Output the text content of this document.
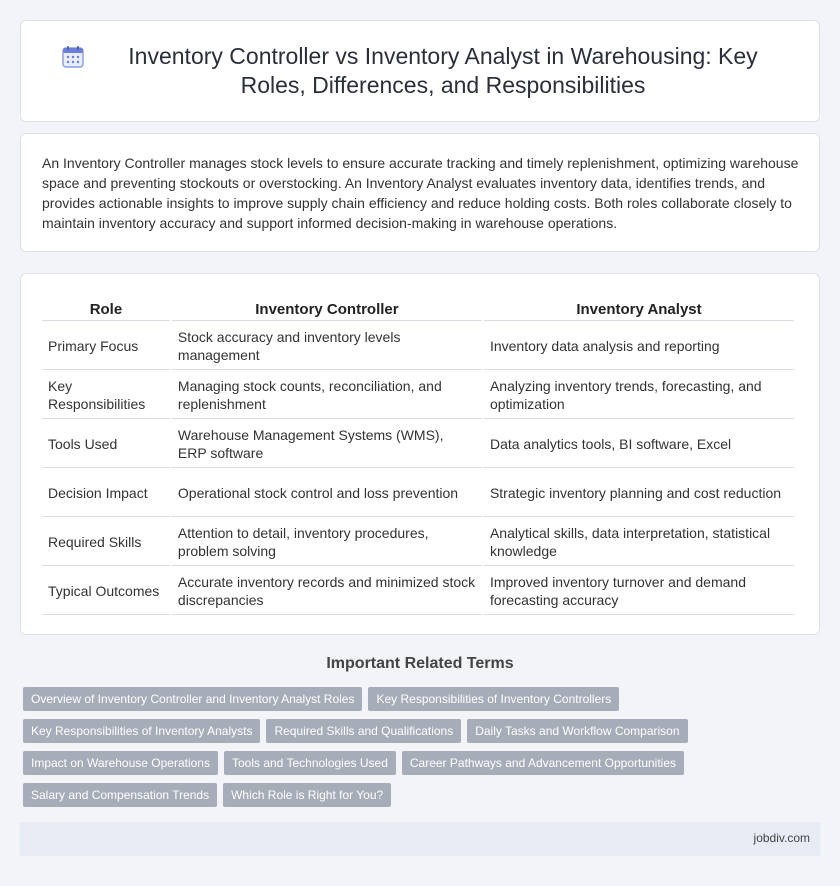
Inventory Controller vs Inventory Analyst in Warehousing: Key Roles, Differences, and Responsibilities

An Inventory Controller manages stock levels to ensure accurate tracking and timely replenishment, optimizing warehouse space and preventing stockouts or overstocking. An Inventory Analyst evaluates inventory data, identifies trends, and provides actionable insights to improve supply chain efficiency and reduce holding costs. Both roles collaborate closely to maintain inventory accuracy and support informed decision-making in warehouse operations.

Role	Inventory Controller	Inventory Analyst
Primary Focus	Stock accuracy and inventory levels management	Inventory data analysis and reporting
Key Responsibilities	Managing stock counts, reconciliation, and replenishment	Analyzing inventory trends, forecasting, and optimization
Tools Used	Warehouse Management Systems (WMS), ERP software	Data analytics tools, BI software, Excel
Decision Impact	Operational stock control and loss prevention	Strategic inventory planning and cost reduction
Required Skills	Attention to detail, inventory procedures, problem solving	Analytical skills, data interpretation, statistical knowledge
Typical Outcomes	Accurate inventory records and minimized stock discrepancies	Improved inventory turnover and demand forecasting accuracy
Important Related Terms
Overview of Inventory Controller and Inventory Analyst Roles	Key Responsibilities of Inventory Controllers
Key Responsibilities of Inventory Analysts	Required Skills and Qualifications	Daily Tasks and Workflow Comparison
Impact on Warehouse Operations	Tools and Technologies Used	Career Pathways and Advancement Opportunities
Salary and Compensation Trends	Which Role is Right for You?
jobdiv.com
